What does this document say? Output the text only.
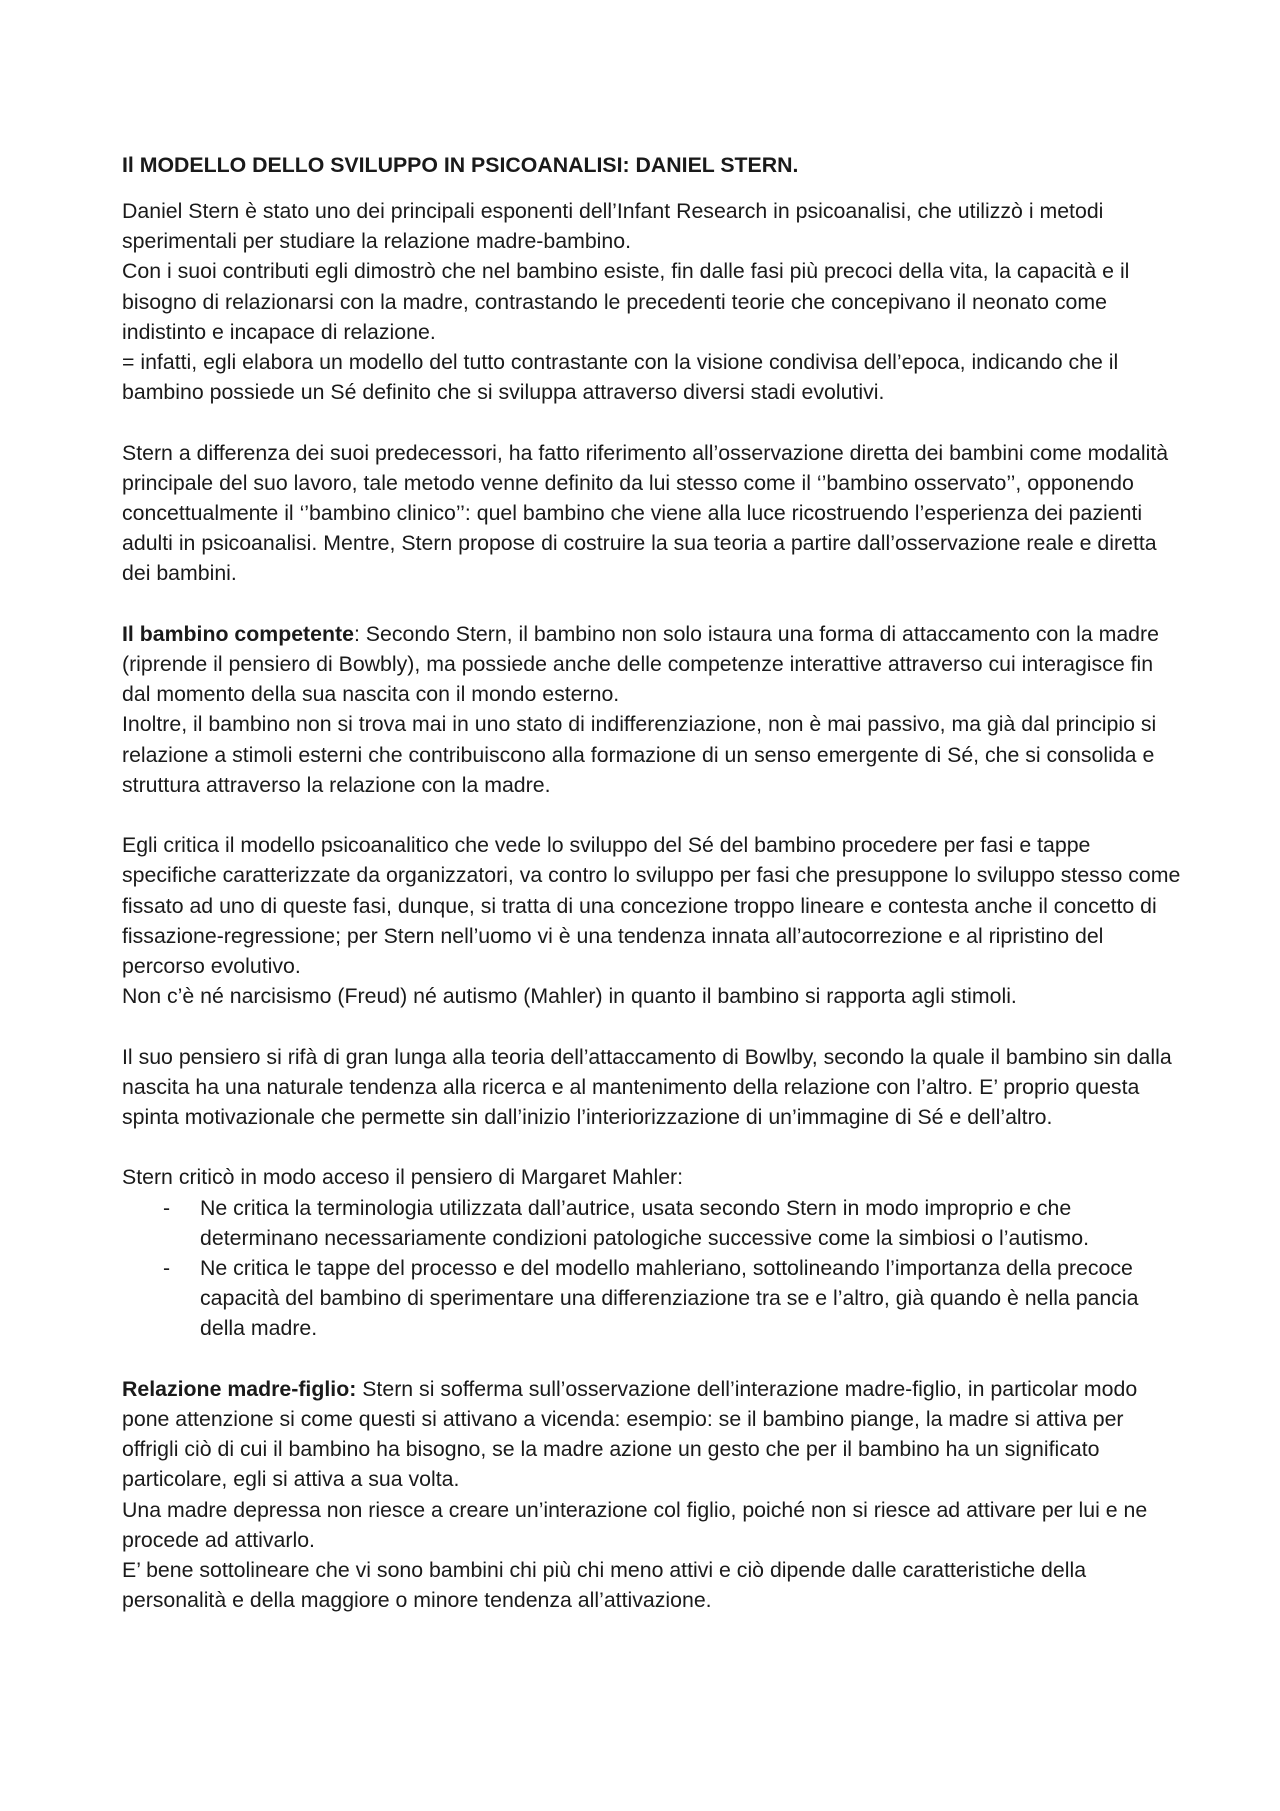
Il MODELLO DELLO SVILUPPO IN PSICOANALISI: DANIEL STERN.

Daniel Stern è stato uno dei principali esponenti dell’Infant Research in psicoanalisi, che utilizzò i metodi sperimentali per studiare la relazione madre-bambino.

Con i suoi contributi egli dimostrò che nel bambino esiste, fin dalle fasi più precoci della vita, la capacità e il bisogno di relazionarsi con la madre, contrastando le precedenti teorie che concepivano il neonato come indistinto e incapace di relazione.

= infatti, egli elabora un modello del tutto contrastante con la visione condivisa dell’epoca, indicando che il bambino possiede un Sé definito che si sviluppa attraverso diversi stadi evolutivi.

Stern a differenza dei suoi predecessori, ha fatto riferimento all’osservazione diretta dei bambini come modalità principale del suo lavoro, tale metodo venne definito da lui stesso come il ‘’bambino osservato’’, opponendo concettualmente il ‘’bambino clinico’’: quel bambino che viene alla luce ricostruendo l’esperienza dei pazienti adulti in psicoanalisi. Mentre, Stern propose di costruire la sua teoria a partire dall’osservazione reale e diretta dei bambini.

Il bambino competente: Secondo Stern, il bambino non solo istaura una forma di attaccamento con la madre (riprende il pensiero di Bowbly), ma possiede anche delle competenze interattive attraverso cui interagisce fin dal momento della sua nascita con il mondo esterno.

Inoltre, il bambino non si trova mai in uno stato di indifferenziazione, non è mai passivo, ma già dal principio si relazione a stimoli esterni che contribuiscono alla formazione di un senso emergente di Sé, che si consolida e struttura attraverso la relazione con la madre.

Egli critica il modello psicoanalitico che vede lo sviluppo del Sé del bambino procedere per fasi e tappe specifiche caratterizzate da organizzatori, va contro lo sviluppo per fasi che presuppone lo sviluppo stesso come fissato ad uno di queste fasi, dunque, si tratta di una concezione troppo lineare e contesta anche il concetto di fissazione-regressione; per Stern nell’uomo vi è una tendenza innata all’autocorrezione e al ripristino del percorso evolutivo.

Non c’è né narcisismo (Freud) né autismo (Mahler) in quanto il bambino si rapporta agli stimoli.

Il suo pensiero si rifà di gran lunga alla teoria dell’attaccamento di Bowlby, secondo la quale il bambino sin dalla nascita ha una naturale tendenza alla ricerca e al mantenimento della relazione con l’altro. E’ proprio questa spinta motivazionale che permette sin dall’inizio l’interiorizzazione di un’immagine di Sé e dell’altro.

Stern criticò in modo acceso il pensiero di Margaret Mahler:

- Ne critica la terminologia utilizzata dall’autrice, usata secondo Stern in modo improprio e che determinano necessariamente condizioni patologiche successive come la simbiosi o l’autismo.
- Ne critica le tappe del processo e del modello mahleriano, sottolineando l’importanza della precoce capacità del bambino di sperimentare una differenziazione tra se e l’altro, già quando è nella pancia della madre.

Relazione madre-figlio: Stern si sofferma sull’osservazione dell’interazione madre-figlio, in particolar modo pone attenzione si come questi si attivano a vicenda: esempio: se il bambino piange, la madre si attiva per offrigli ciò di cui il bambino ha bisogno, se la madre azione un gesto che per il bambino ha un significato particolare, egli si attiva a sua volta.

Una madre depressa non riesce a creare un’interazione col figlio, poiché non si riesce ad attivare per lui e ne procede ad attivarlo.

E’ bene sottolineare che vi sono bambini chi più chi meno attivi e ciò dipende dalle caratteristiche della personalità e della maggiore o minore tendenza all’attivazione.
